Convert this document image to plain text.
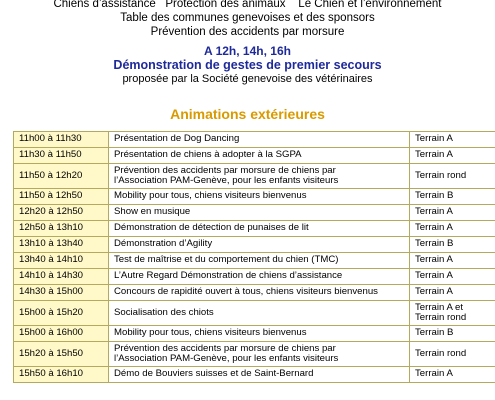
Chiens d’assistance   Protection des animaux    Le Chien et l’environnement
Table des communes genevoises et des sponsors
Prévention des accidents par morsure
A 12h, 14h, 16h
Démonstration de gestes de premier secours
proposée par la Société genevoise des vétérinaires
Animations extérieures
11h00 à 11h30	Présentation de Dog Dancing	Terrain A
11h30 à 11h50	Présentation de chiens à adopter à la SGPA	Terrain A
11h50 à 12h20	Prévention des accidents par morsure de chiens par
l’Association PAM-Genève, pour les enfants visiteurs	Terrain rond
11h50 à 12h50	Mobility pour tous, chiens visiteurs bienvenus	Terrain B
12h20 à 12h50	Show en musique	Terrain A
12h50 à 13h10	Démonstration de détection de punaises de lit	Terrain A
13h10 à 13h40	Démonstration d’Agility	Terrain B
13h40 à 14h10	Test de maîtrise et du comportement du chien (TMC)	Terrain A
14h10 à 14h30	L’Autre Regard Démonstration de chiens d’assistance	Terrain A
14h30 à 15h00	Concours de rapidité ouvert à tous, chiens visiteurs bienvenus	Terrain A
15h00 à 15h20	Socialisation des chiots	Terrain A et
Terrain rond
15h00 à 16h00	Mobility pour tous, chiens visiteurs bienvenus	Terrain B
15h20 à 15h50	Prévention des accidents par morsure de chiens par
l’Association PAM-Genève, pour les enfants visiteurs	Terrain rond
15h50 à 16h10	Démo de Bouviers suisses et de Saint-Bernard	Terrain A
